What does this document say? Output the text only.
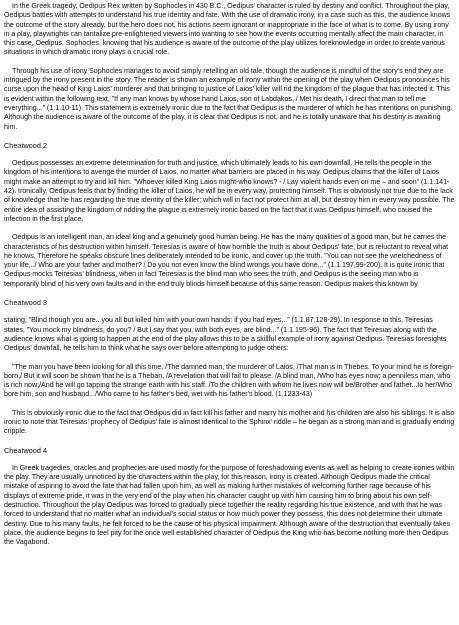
In the Greek tragedy, Oedipus Rex written by Sophocles in 430 B.C., Oedipus' character is ruled by destiny and conflict. Throughout the play, Oedipus battles with attempts to understand his true identity and fate. With the use of dramatic irony, in a case such as this, the audience knows the outcome of the story already, but the hero does not, his actions seem ignorant or inappropriate in the face of what is to come. By using irony in a play, playwrights can tantalize pre-enlightened viewers into wanting to see how the events occurring mentally affect the main character, in this case, Oedipus. Sophocles, knowing that his audience is aware of the outcome of the play utilizes foreknowledge in order to create various situations in which dramatic irony plays a crucial role.

Through his use of irony Sophocles manages to avoid simply retelling an old tale, though the audience is mindful of the story's end they are intrigued by the irony present in the story. The reader is shown an example of irony within the opening of the play when Oedipus pronounces his curse upon the head of King Laios' murderer and that bringing to justice of Laios' killer will rid the kingdom of the plague that has infected it. This is evident within the following text, "If any man knows by whose hand Laios, son of Labdakos, / Met his death, I direct that man to tell me everything..." (1.1.10-11). This statement is extremely ironic due to the fact that Oedipus is the murderer of which he has intentions on punishing. Although the audience is aware of the outcome of the play, it is clear that Oedipus is not, and he is totally unaware that his destiny is awaiting him.

Cheatwood 2

Oedipus possesses an extreme determination for truth and justice, which ultimately leads to his own downfall. He tells the people in the kingdom of his intentions to avenge the murder of Laios, no matter what barriers are placed in his way. Oedipus claims that the killer of Laios might make an attempt to try and kill him. "Whoever killed King Laios might-who knows? - / Lay violent hands even on me – and soon" (1.1.141-42). Ironically, Oedipus feels that by finding the killer of Laios, he will be in every way, protecting himself. This is obviously not true due to the lack of knowledge that he has regarding the true identity of the killer; which will in fact not protect him at all, but destroy him in every way possible. The entire idea of assisting the kingdom of ridding the plague is extremely ironic based on the fact that it was Oedipus himself, who caused the infection in the first place.

Oedipus is an intelligent man, an ideal king and a genuinely good human being. He has the many qualities of a good man, but he carries the characteristics of his destruction within himself. Teiresias is aware of how horrible the truth is about Oedipus' fate, but is reluctant to reveal what he knows. Therefore he speaks obscure lines deliberately intended to be ironic, and cover up the truth. "You can not see the wretchedness of your life,../ Who are your father and mother? / Do you not even know the blind wrongs you have done..." (1.1.197,99-200). It is quite ironic that Oedipus mocks Teiresias' blindness, when in fact Teiresias is the blind man who sees the truth, and Oedipus is the seeing man who is temporarily blind of his very own faults and in the end truly blinds himself because of this same reason. Oedipus makes this known by

Cheatwood 3

stating, "Blind though you are...you all but killed him with your own hands: if you had eyes,.." (1.1.87,128-29). In response to this, Teiresias states, "You mock my blindness, do you? / But I say that you, with both eyes, are blind..." (1.1.195-96). The fact that Teiresias along with the audience knows what is going to happen at the end of the play allows this to be a skillful example of irony against Oedipus. Teiresias foresights Oedipus' downfall, he tells him to think what he says over before attempting to judge others:

"The man you have been looking for all this time, /The damned man, the murderer of Laios, /That man is in Thebes. To your mind he is foreign-born,/ But it will soon be shown that he is a Theban, /A revelation that will fail to please. /A blind man, /Who has eyes now; a penniless man, who is rich now;/And he will go tapping the strange earth with his staff. /To the children with whom he lives now will be/Brother and father...to her/Who bore him, son and husband.../Who came to his father's bed, wet with his father's blood. (1.1233-43)

This is obviously ironic due to the fact that Oedipus did in fact kill his father and marry his mother and his children are also his siblings. It is also ironic to note that Teiresias' prophecy of Oedipus' fate is almost identical to the Sphinx' riddle – he began as a strong man and is gradually ending cripple.

Cheatwood 4

In Greek tragedies, oracles and prophecies are used mostly for the purpose of foreshadowing events as well as helping to create ironies within the play. They are usually unnoticed by the characters within the play, for this reason, irony is created. Although Oedipus made the critical mistake of aspiring to avoid the fate that had fallen upon him, as well as making further mistakes of welcoming further rage because of his displays of extreme pride, it was in the very end of the play when his character caught up with him causing him to bring about his own self-destruction. Throughout the play Oedipus was forced to gradually piece together the reality regarding his true existence, and with that he was forced to understand that no matter what an individual's social status or how much power they possess, this does not determine their ultimate destiny. Due to his many faults, he felt forced to be the cause of his physical impairment. Although aware of the destruction that eventually takes place, the audience begins to feel pity for the once well established character of Oedipus the King who has become nothing more then Oedipus the Vagabond.
